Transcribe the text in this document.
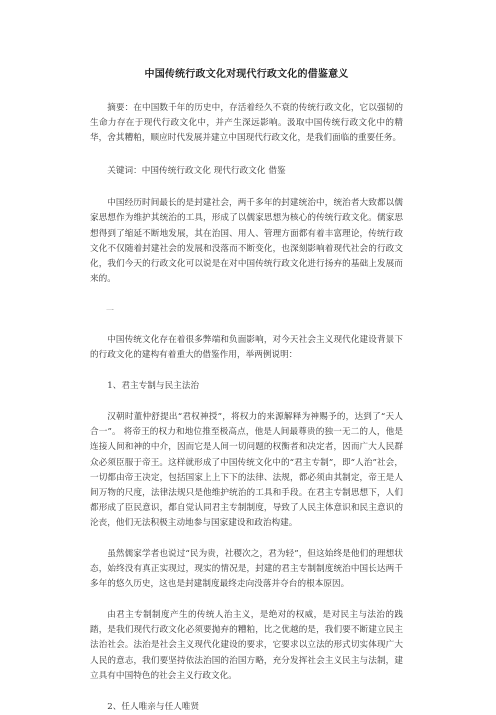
中国传统行政文化对现代行政文化的借鉴意义

摘要：在中国数千年的历史中，存活着经久不衰的传统行政文化，它以强韧的生命力存在于现代行政文化中，并产生深远影响。汲取中国传统行政文化中的精华，舍其糟粕，顺应时代发展并建立中国现代行政文化，是我们面临的重要任务。

关键词：中国传统行政文化 现代行政文化 借鉴

中国经历时间最长的是封建社会，两千多年的封建统治中，统治者大致都以儒家思想作为维护其统治的工具，形成了以儒家思想为核心的传统行政文化。儒家思想得到了缩延不断地发展，其在治国、用人、管理方面都有着丰富理论，传统行政文化不仅随着封建社会的发展和没落而不断变化，也深刻影响着现代社会的行政文化，我们今天的行政文化可以说是在对中国传统行政文化进行扬弃的基础上发展而来的。

一

中国传统文化存在着很多弊端和负面影响，对今天社会主义现代化建设背景下的行政文化的建构有着重大的借鉴作用，举两例说明：

1、君主专制与民主法治

汉朝时董仲舒提出“君权神授”，将权力的来源解释为神赐予的，达到了“天人合一”。 将帝王的权力和地位推至极高点，他是人间最尊贵的独一无二的人，他是连接人间和神的中介，因而它是人间一切问题的权衡者和决定者，因而广大人民群众必须臣服于帝王。这样就形成了中国传统文化中的“君主专制”，即“人治”社会，一切都由帝王决定，包括国家上上下下的法律、法规，都必须由其制定，帝王是人间万物的尺度，法律法规只是他维护统治的工具和手段。在君主专制思想下，人们都形成了臣民意识，都自觉认同君主专制制度，导致了人民主体意识和民主意识的沦丧，他们无法积极主动地参与国家建设和政治构建。

虽然儒家学者也说过“民为贵，社稷次之，君为轻”，但这始终是他们的理想状态，始终没有真正实现过，现实的情况是，封建的君主专制制度统治中国长达两千多年的悠久历史，这也是封建制度最终走向没落并夺台的根本原因。

由君主专制制度产生的传统人治主义，是绝对的权威，是对民主与法治的践踏，是我们现代行政文化必须要抛弃的糟粕，比之优越的是，我们要不断建立民主法治社会。法治是社会主义现代化建设的要求，它要求以立法的形式切实体现广大人民的意志，我们要坚持依法治国的治国方略，充分发挥社会主义民主与法制，建立具有中国特色的社会主义行政文化。

2、任人唯亲与任人唯贤
